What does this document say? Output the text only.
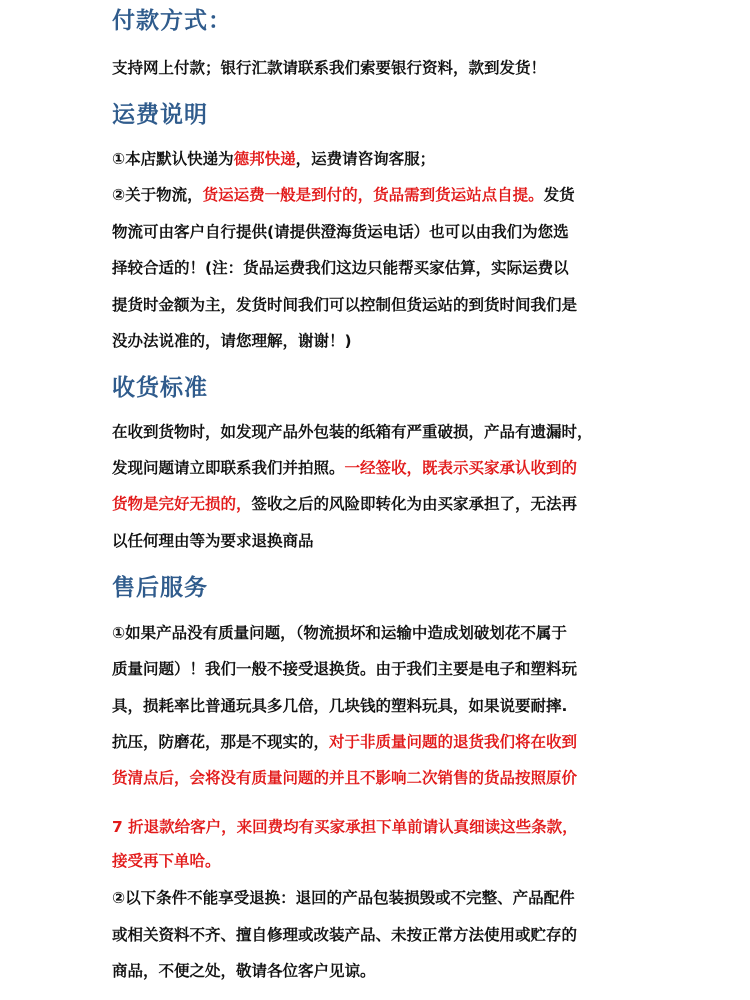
付款方式：
支持网上付款；银行汇款请联系我们索要银行资料，款到发货！
运费说明
①本店默认快递为德邦快递，运费请咨询客服；
②关于物流，货运运费一般是到付的，货品需到货运站点自提。发货
物流可由客户自行提供(请提供澄海货运电话）也可以由我们为您选
择较合适的！(注：货品运费我们这边只能帮买家估算，实际运费以
提货时金额为主，发货时间我们可以控制但货运站的到货时间我们是
没办法说准的，请您理解，谢谢！)
收货标准
在收到货物时，如发现产品外包装的纸箱有严重破损，产品有遗漏时，
发现问题请立即联系我们并拍照。一经签收，既表示买家承认收到的
货物是完好无损的，签收之后的风险即转化为由买家承担了，无法再
以任何理由等为要求退换商品
售后服务
①如果产品没有质量问题，（物流损坏和运输中造成划破划花不属于
质量问题）！我们一般不接受退换货。由于我们主要是电子和塑料玩
具，损耗率比普通玩具多几倍，几块钱的塑料玩具，如果说要耐摔.
抗压，防磨花，那是不现实的，对于非质量问题的退货我们将在收到
货清点后，会将没有质量问题的并且不影响二次销售的货品按照原价
7 折退款给客户，来回费均有买家承担下单前请认真细读这些条款，
接受再下单哈。
②以下条件不能享受退换：退回的产品包装损毁或不完整、产品配件
或相关资料不齐、擅自修理或改装产品、未按正常方法使用或贮存的
商品，不便之处，敬请各位客户见谅。
